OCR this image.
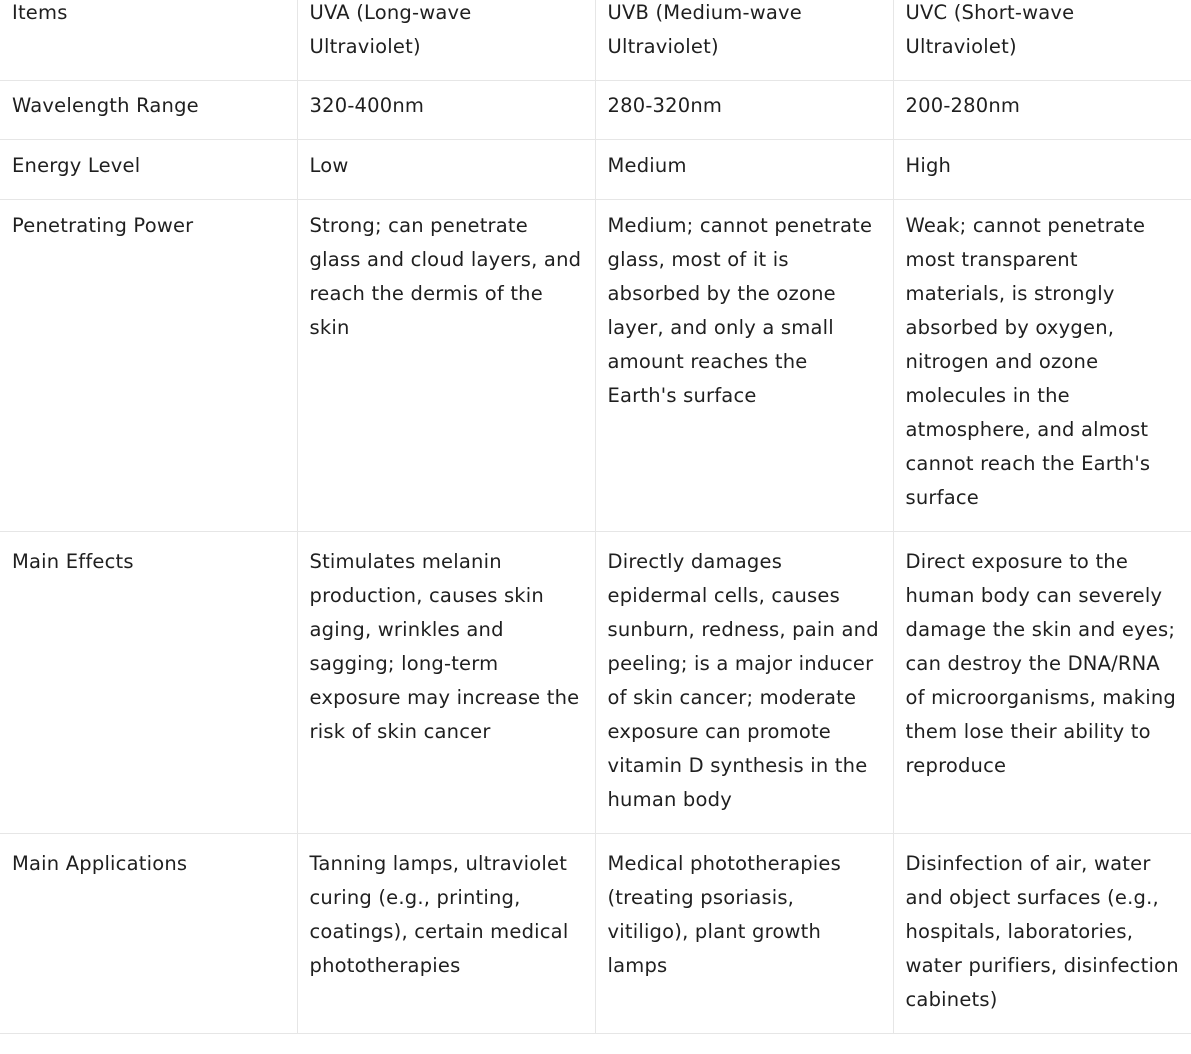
Items	UVA (Long-wave Ultraviolet)	UVB (Medium-wave Ultraviolet)	UVC (Short-wave Ultraviolet)
Wavelength Range	320-400nm	280-320nm	200-280nm
Energy Level	Low	Medium	High
Penetrating Power	Strong; can penetrate glass and cloud layers, and reach the dermis of the skin	Medium; cannot penetrate glass, most of it is absorbed by the ozone layer, and only a small amount reaches the Earth's surface	Weak; cannot penetrate most transparent materials, is strongly absorbed by oxygen, nitrogen and ozone molecules in the atmosphere, and almost cannot reach the Earth's surface
Main Effects	Stimulates melanin production, causes skin aging, wrinkles and sagging; long-term exposure may increase the risk of skin cancer	Directly damages epidermal cells, causes sunburn, redness, pain and peeling; is a major inducer of skin cancer; moderate exposure can promote vitamin D synthesis in the human body	Direct exposure to the human body can severely damage the skin and eyes; can destroy the DNA/RNA of microorganisms, making them lose their ability to reproduce
Main Applications	Tanning lamps, ultraviolet curing (e.g., printing, coatings), certain medical phototherapies	Medical phototherapies (treating psoriasis, vitiligo), plant growth lamps	Disinfection of air, water and object surfaces (e.g., hospitals, laboratories, water purifiers, disinfection cabinets)
